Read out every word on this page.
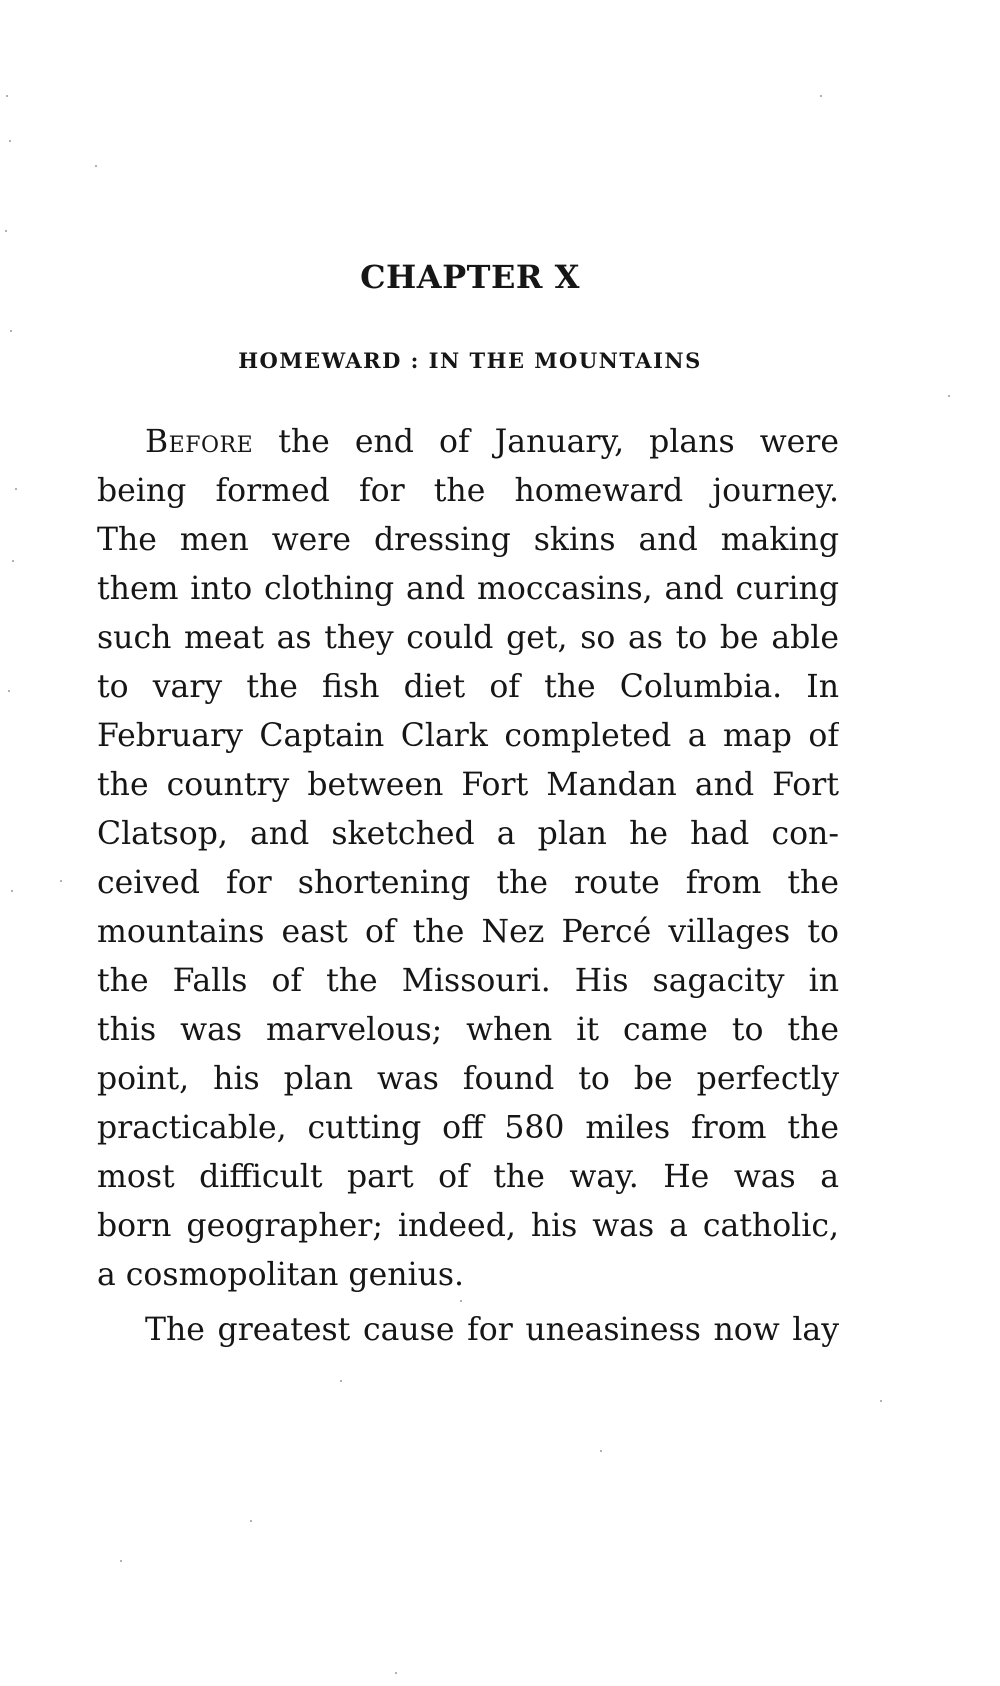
CHAPTER X
HOMEWARD : IN THE MOUNTAINS
Before the end of January, plans were
being formed for the homeward journey.
The men were dressing skins and making
them into clothing and moccasins, and curing
such meat as they could get, so as to be able
to vary the fish diet of the Columbia. In
February Captain Clark completed a map of
the country between Fort Mandan and Fort
Clatsop, and sketched a plan he had con-
ceived for shortening the route from the
mountains east of the Nez Percé villages to
the Falls of the Missouri. His sagacity in
this was marvelous; when it came to the
point, his plan was found to be perfectly
practicable, cutting off 580 miles from the
most difficult part of the way. He was a
born geographer; indeed, his was a catholic,
a cosmopolitan genius.
The greatest cause for uneasiness now lay
